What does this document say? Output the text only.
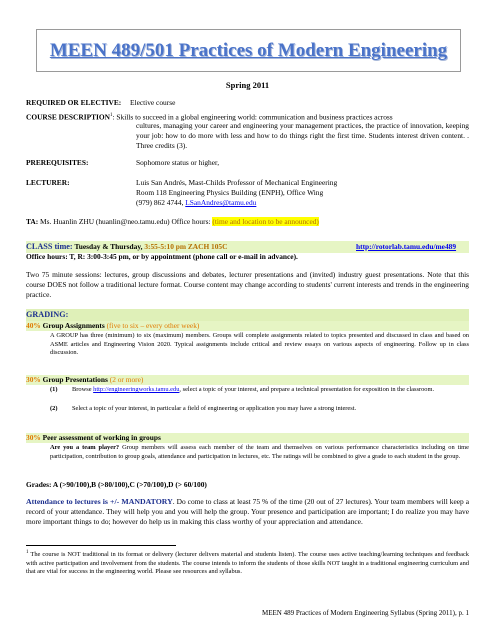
MEEN 489/501 Practices of Modern Engineering
Spring 2011
REQUIRED OR ELECTIVE: Elective course
COURSE DESCRIPTION$^1$: Skills to succeed in a global engineering world: communication and business practices across
cultures, managing your career and engineering your management practices, the practice of innovation, keeping your job: how to do more with less and how to do things right the first time. Students interest driven content. . Three credits (3).
PREREQUISITES:	Sophomore status or higher,
LECTURER:	Luis San Andrés, Mast-Childs Professor of Mechanical Engineering
Room 118 Engineering Physics Building (ENPH), Office Wing
(979) 862 4744, LSanAndres@tamu.edu
TA: Ms. Huanlin ZHU (huanlin@neo.tamu.edu) Office hours: (time and location to be announced)
CLASS time: Tuesday & Thursday, 3:55-5:10 pm ZACH 105C	http://rotorlab.tamu.edu/me489
Office hours: T, R: 3:00-3:45 pm, or by appointment (phone call or e-mail in advance).
Two 75 minute sessions: lectures, group discussions and debates, lecturer presentations and (invited) industry guest presentations. Note that this course DOES not follow a traditional lecture format. Course content may change according to students' current interests and trends in the engineering practice.
GRADING:
40% Group Assignments (five to six – every other week)
A GROUP has three (minimum) to six (maximum) members. Groups will complete assignments related to topics presented and discussed in class and based on ASME articles and Engineering Vision 2020. Typical assignments include critical and review essays on various aspects of engineering. Follow up in class discussion.
30% Group Presentations (2 or more)
(1) Browse http://engineeringworks.tamu.edu, select a topic of your interest, and prepare a technical presentation for exposition in the classroom.
(2) Select a topic of your interest, in particular a field of engineering or application you may have a strong interest.
30% Peer assessment of working in groups
Are you a team player? Group members will assess each member of the team and themselves on various performance characteristics including on time participation, contribution to group goals, attendance and participation in lectures, etc. The ratings will be combined to give a grade to each student in the group.
Grades: A (>90/100),B (>80/100),C (>70/100),D (> 60/100)
Attendance to lectures is +/- MANDATORY. Do come to class at least 75 % of the time (20 out of 27 lectures). Your team members will keep a record of your attendance. They will help you and you will help the group. Your presence and participation are important; I do realize you may have more important things to do; however do help us in making this class worthy of your appreciation and attendance.
$^1$ The course is NOT traditional in its format or delivery (lecturer delivers material and students listen). The course uses active teaching/learning techniques and feedback with active participation and involvement from the students. The course intends to inform the students of those skills NOT taught in a traditional engineering curriculum and that are vital for success in the engineering world. Please see resources and syllabus.
MEEN 489 Practices of Modern Engineering Syllabus (Spring 2011), p. 1
